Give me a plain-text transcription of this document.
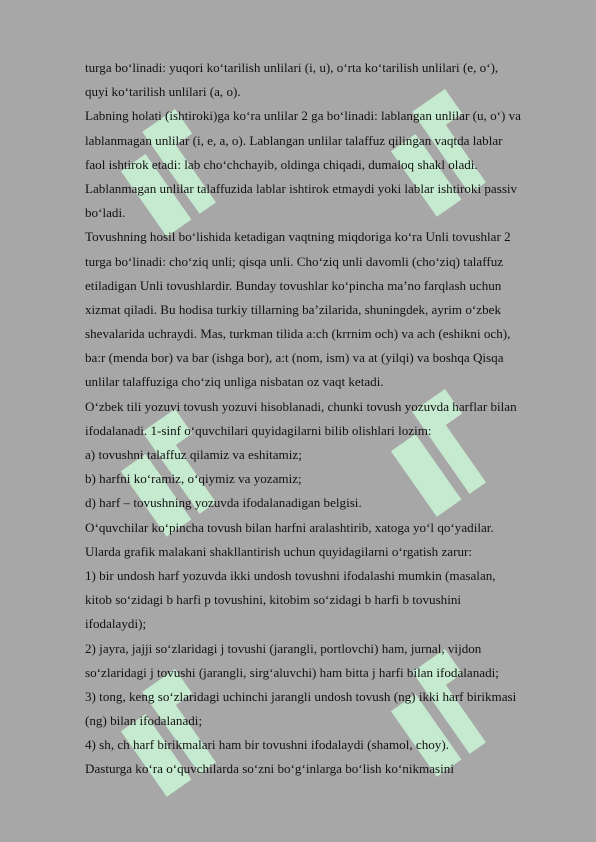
turga bo‘linadi: yuqori ko‘tarilish unlilari (i, u), o‘rta ko‘tarilish unlilari (e, o‘),
quyi ko‘tarilish unlilari (a, o).
Labning holati (ishtiroki)ga ko‘ra unlilar 2 ga bo‘linadi: lablangan unlilar (u, o‘) va
lablanmagan unlilar (i, e, a, o). Lablangan unlilar talaffuz qilingan vaqtda lablar
faol ishtirok etadi: lab cho‘chchayib, oldinga chiqadi, dumaloq shakl oladi.
Lablanmagan unlilar talaffuzida lablar ishtirok etmaydi yoki lablar ishtiroki passiv
bo‘ladi.
Tovushning hosil bo‘lishida ketadigan vaqtning miqdoriga ko‘ra Unli tovushlar 2
turga bo‘linadi: cho‘ziq unli; qisqa unli. Cho‘ziq unli davomli (cho‘ziq) talaffuz
etiladigan Unli tovushlardir. Bunday tovushlar ko‘pincha ma’no farqlash uchun
xizmat qiladi. Bu hodisa turkiy tillarning ba’zilarida, shuningdek, ayrim o‘zbek
shevalarida uchraydi. Mas, turkman tilida a:ch (krrnim och) va ach (eshikni och),
ba:r (menda bor) va bar (ishga bor), a:t (nom, ism) va at (yilqi) va boshqa Qisqa
unlilar talaffuziga cho‘ziq unliga nisbatan oz vaqt ketadi.
O‘zbek tili yozuvi tovush yozuvi hisoblanadi, chunki tovush yozuvda harflar bilan
ifodalanadi. 1-sinf o‘quvchilari quyidagilarni bilib olishlari lozim:
a) tovushni talaffuz qilamiz va eshitamiz;
b) harfni ko‘ramiz, o‘qiymiz va yozamiz;
d) harf – tovushning yozuvda ifodalanadigan belgisi.
O‘quvchilar ko‘pincha tovush bilan harfni aralashtirib, xatoga yo‘l qo‘yadilar.
Ularda grafik malakani shakllantirish uchun quyidagilarni o‘rgatish zarur:
1) bir undosh harf yozuvda ikki undosh tovushni ifodalashi mumkin (masalan,
kitob so‘zidagi b harfi p tovushini, kitobim so‘zidagi b harfi b tovushini
ifodalaydi);
2) jayra, jajji so‘zlaridagi j tovushi (jarangli, portlovchi) ham, jurnal, vijdon
so‘zlaridagi j tovushi (jarangli, sirg‘aluvchi) ham bitta j harfi bilan ifodalanadi;
3) tong, keng so‘zlaridagi uchinchi jarangli undosh tovush (ng) ikki harf birikmasi
(ng) bilan ifodalanadi;
4) sh, ch harf birikmalari ham bir tovushni ifodalaydi (shamol, choy).
Dasturga ko‘ra o‘quvchilarda so‘zni bo‘g‘inlarga bo‘lish ko‘nikmasini
